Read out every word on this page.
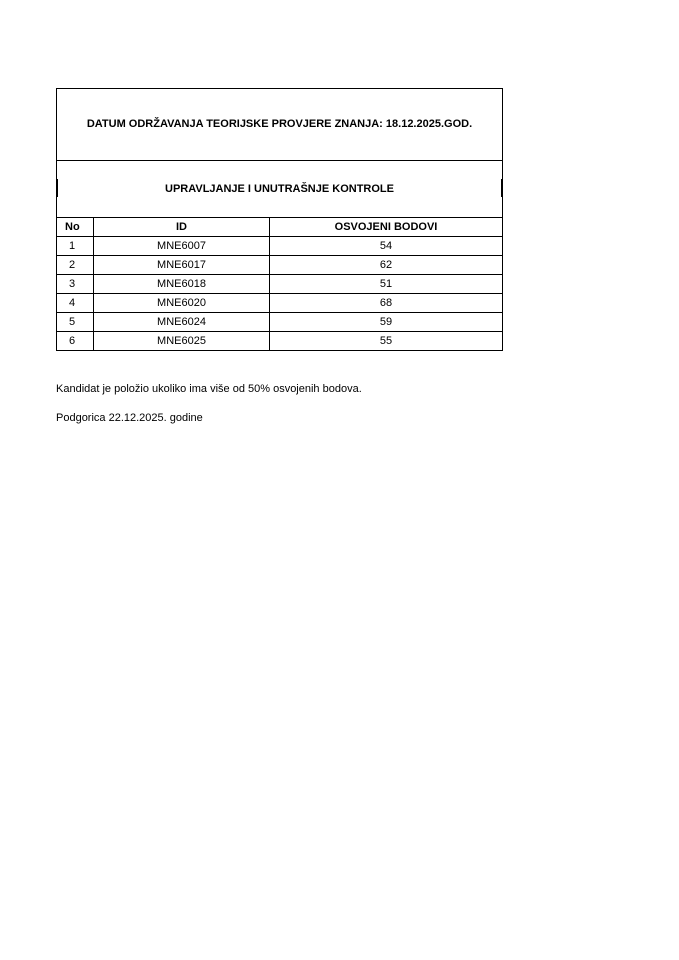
DATUM ODRŽAVANJA TEORIJSKE PROVJERE ZNANJA: 18.12.2025.GOD.		

UPRAVLJANJE I UNUTRAŠNJE KONTROLE		

No	ID	OSVOJENI BODOVI
1	MNE6007	54
2	MNE6017	62
3	MNE6018	51
4	MNE6020	68
5	MNE6024	59
6	MNE6025	55
Kandidat je položio ukoliko ima više od 50% osvojenih bodova.
Podgorica 22.12.2025. godine
